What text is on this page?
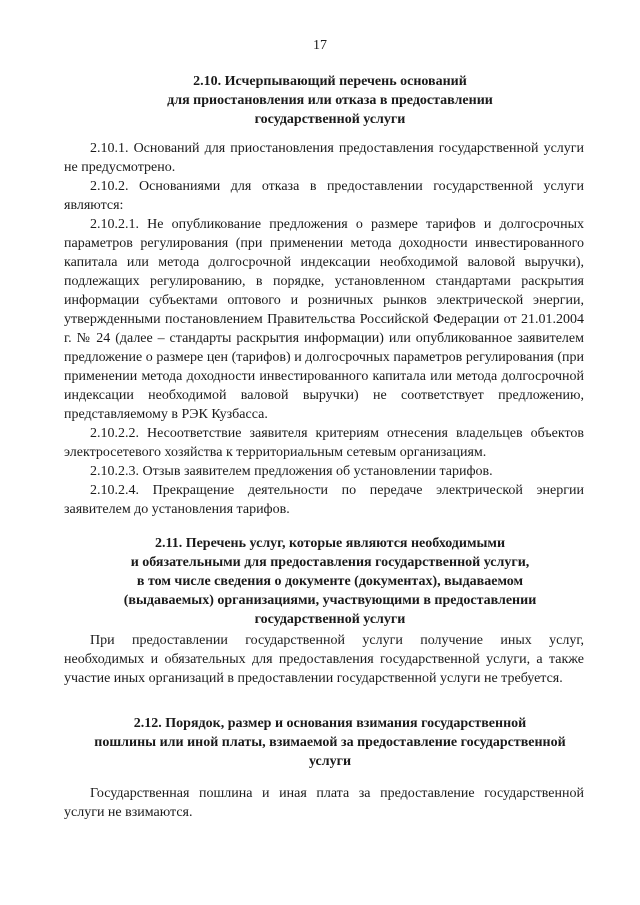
17
2.10. Исчерпывающий перечень оснований
для приостановления или отказа в предоставлении
государственной услуги

2.10.1. Оснований для приостановления предоставления государственной услуги не предусмотрено.

2.10.2. Основаниями для отказа в предоставлении государственной услуги являются:

2.10.2.1. Не опубликование предложения о размере тарифов и долгосрочных параметров регулирования (при применении метода доходности инвестированного капитала или метода долгосрочной индексации необходимой валовой выручки), подлежащих регулированию, в порядке, установленном стандартами раскрытия информации субъектами оптового и розничных рынков электрической энергии, утвержденными постановлением Правительства Российской Федерации от 21.01.2004 г. № 24 (далее – стандарты раскрытия информации) или опубликованное заявителем предложение о размере цен (тарифов) и долгосрочных параметров регулирования (при применении метода доходности инвестированного капитала или метода долгосрочной индексации необходимой валовой выручки) не соответствует предложению, представляемому в РЭК Кузбасса.

2.10.2.2. Несоответствие заявителя критериям отнесения владельцев объектов электросетевого хозяйства к территориальным сетевым организациям.

2.10.2.3. Отзыв заявителем предложения об установлении тарифов.

2.10.2.4. Прекращение деятельности по передаче электрической энергии заявителем до установления тарифов.

2.11. Перечень услуг, которые являются необходимыми
и обязательными для предоставления государственной услуги,
в том числе сведения о документе (документах), выдаваемом
(выдаваемых) организациями, участвующими в предоставлении
государственной услуги

При предоставлении государственной услуги получение иных услуг, необходимых и обязательных для предоставления государственной услуги, а также участие иных организаций в предоставлении государственной услуги не требуется.

2.12. Порядок, размер и основания взимания государственной
пошлины или иной платы, взимаемой за предоставление государственной
услуги

Государственная пошлина и иная плата за предоставление государственной услуги не взимаются.
